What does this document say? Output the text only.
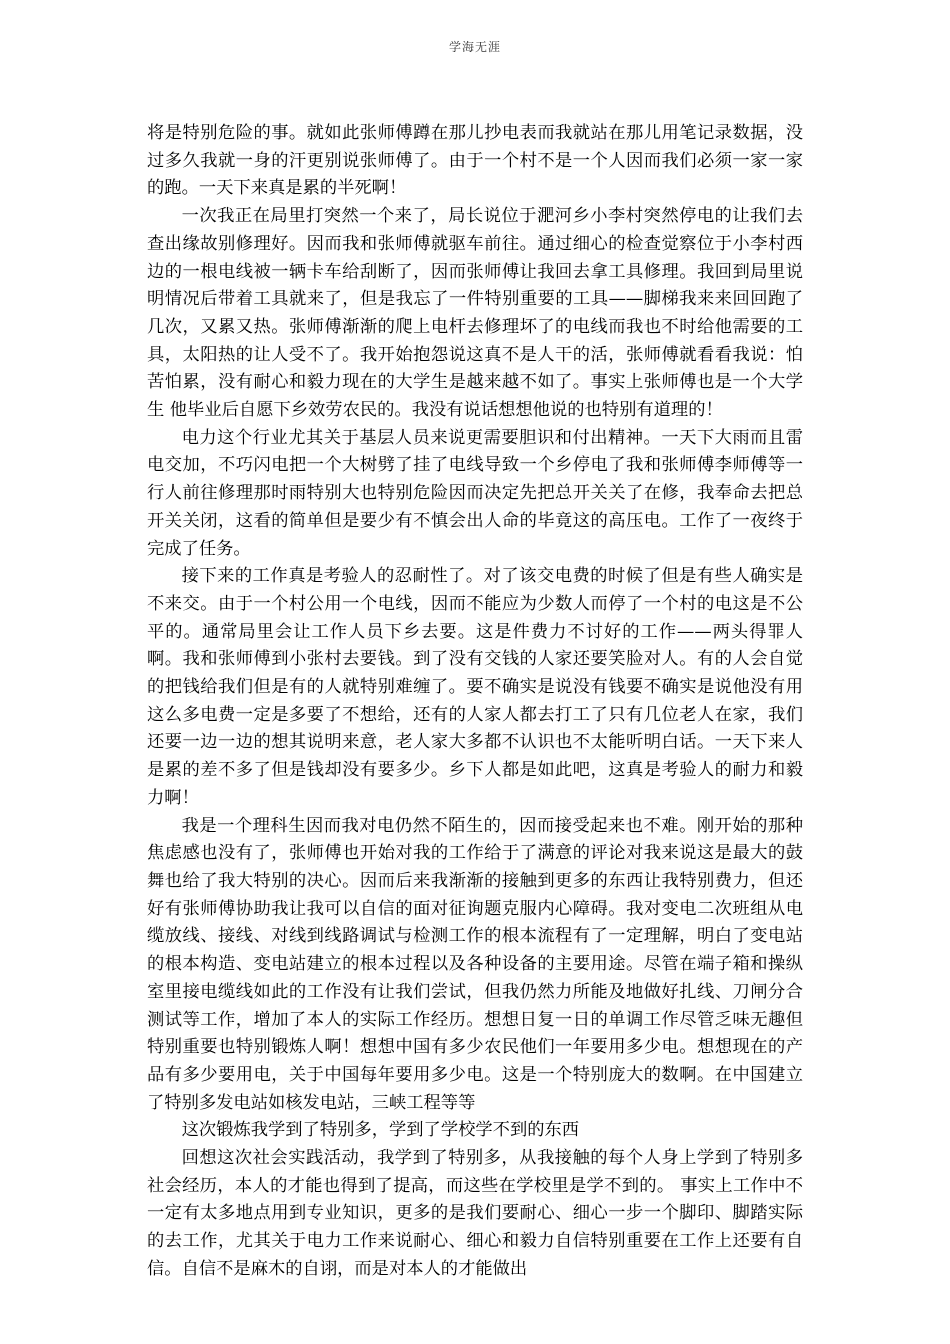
学海无涯

将是特别危险的事。就如此张师傅蹲在那儿抄电表而我就站在那儿用笔记录数据，没过多久我就一身的汗更别说张师傅了。由于一个村不是一个人因而我们必须一家一家的跑。一天下来真是累的半死啊！

一次我正在局里打突然一个来了，局长说位于淝河乡小李村突然停电的让我们去查出缘故别修理好。因而我和张师傅就驱车前往。通过细心的检查觉察位于小李村西边的一根电线被一辆卡车给刮断了，因而张师傅让我回去拿工具修理。我回到局里说明情况后带着工具就来了，但是我忘了一件特别重要的工具——脚梯我来来回回跑了几次，又累又热。张师傅渐渐的爬上电杆去修理坏了的电线而我也不时给他需要的工具，太阳热的让人受不了。我开始抱怨说这真不是人干的活，张师傅就看看我说：怕苦怕累，没有耐心和毅力现在的大学生是越来越不如了。事实上张师傅也是一个大学生 他毕业后自愿下乡效劳农民的。我没有说话想想他说的也特别有道理的！

电力这个行业尤其关于基层人员来说更需要胆识和付出精神。一天下大雨而且雷电交加，不巧闪电把一个大树劈了挂了电线导致一个乡停电了我和张师傅李师傅等一行人前往修理那时雨特别大也特别危险因而决定先把总开关关了在修，我奉命去把总开关关闭，这看的简单但是要少有不慎会出人命的毕竟这的高压电。工作了一夜终于完成了任务。

接下来的工作真是考验人的忍耐性了。对了该交电费的时候了但是有些人确实是不来交。由于一个村公用一个电线，因而不能应为少数人而停了一个村的电这是不公平的。通常局里会让工作人员下乡去要。这是件费力不讨好的工作——两头得罪人啊。我和张师傅到小张村去要钱。到了没有交钱的人家还要笑脸对人。有的人会自觉的把钱给我们但是有的人就特别难缠了。要不确实是说没有钱要不确实是说他没有用这么多电费一定是多要了不想给，还有的人家人都去打工了只有几位老人在家，我们还要一边一边的想其说明来意，老人家大多都不认识也不太能听明白话。一天下来人是累的差不多了但是钱却没有要多少。乡下人都是如此吧，这真是考验人的耐力和毅力啊！

我是一个理科生因而我对电仍然不陌生的，因而接受起来也不难。刚开始的那种焦虑感也没有了，张师傅也开始对我的工作给于了满意的评论对我来说这是最大的鼓舞也给了我大特别的决心。因而后来我渐渐的接触到更多的东西让我特别费力，但还好有张师傅协助我让我可以自信的面对征询题克服内心障碍。我对变电二次班组从电缆放线、接线、对线到线路调试与检测工作的根本流程有了一定理解，明白了变电站的根本构造、变电站建立的根本过程以及各种设备的主要用途。尽管在端子箱和操纵室里接电缆线如此的工作没有让我们尝试，但我仍然力所能及地做好扎线、刀闸分合测试等工作，增加了本人的实际工作经历。想想日复一日的单调工作尽管乏味无趣但特别重要也特别锻炼人啊！想想中国有多少农民他们一年要用多少电。想想现在的产品有多少要用电，关于中国每年要用多少电。这是一个特别庞大的数啊。在中国建立了特别多发电站如核发电站，三峡工程等等

这次锻炼我学到了特别多，学到了学校学不到的东西

回想这次社会实践活动，我学到了特别多，从我接触的每个人身上学到了特别多社会经历，本人的才能也得到了提高，而这些在学校里是学不到的。 事实上工作中不一定有太多地点用到专业知识，更多的是我们要耐心、细心一步一个脚印、脚踏实际的去工作，尤其关于电力工作来说耐心、细心和毅力自信特别重要在工作上还要有自信。自信不是麻木的自诩，而是对本人的才能做出
